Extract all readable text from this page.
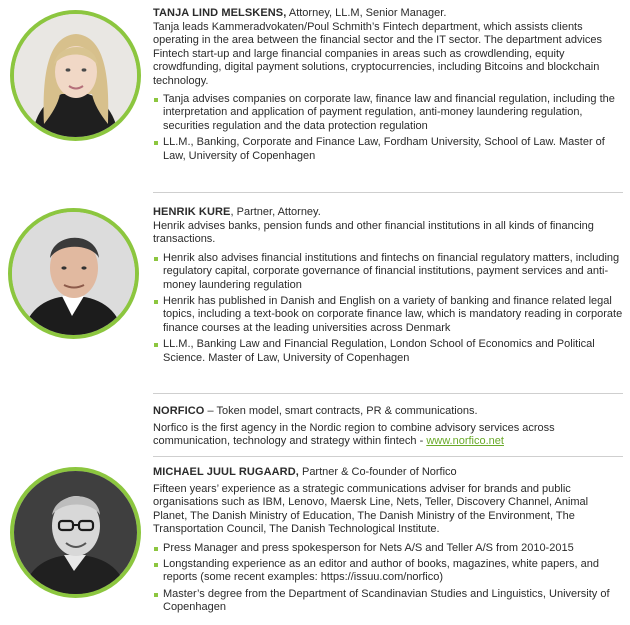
TANJA LIND MELSKENS, Attorney, LL.M, Senior Manager.

Tanja leads Kammeradvokaten/Poul Schmith’s Fintech department, which assists clients operating in the area between the financial sector and the IT sector. The department advices Fintech start-up and large financial companies in areas such as crowdlending, equity crowdfunding, digital payment solutions, cryptocurrencies, including Bitcoins and blockchain technology.

Tanja advises companies on corporate law, finance law and financial regulation, including the interpretation and application of payment regulation, anti-money laundering regulation, securities regulation and the data protection regulation
LL.M., Banking, Corporate and Finance Law, Fordham University, School of Law. Master of Law, University of Copenhagen
HENRIK KURE, Partner, Attorney.

Henrik advises banks, pension funds and other financial institutions in all kinds of financing transactions.

Henrik also advises financial institutions and fintechs on financial regulatory matters, including regulatory capital, corporate governance of financial institutions, payment services and anti-money laundering regulation
Henrik has published in Danish and English on a variety of banking and finance related legal topics, including a text-book on corporate finance law, which is mandatory reading in corporate finance courses at the leading universities across Denmark
LL.M., Banking Law and Financial Regulation, London School of Economics and Political Science. Master of Law, University of Copenhagen
NORFICO – Token model, smart contracts, PR & communications.

Norfico is the first agency in the Nordic region to combine advisory services across communication, technology and strategy within fintech - www.norfico.net

MICHAEL JUUL RUGAARD, Partner & Co-founder of Norfico

Fifteen years’ experience as a strategic communications adviser for brands and public organisations such as IBM, Lenovo, Maersk Line, Nets, Teller, Discovery Channel, Animal Planet, The Danish Ministry of Education, The Danish Ministry of the Environment, The Transportation Council, The Danish Technological Institute.

Press Manager and press spokesperson for Nets A/S and Teller A/S from 2010-2015
Longstanding experience as an editor and author of books, magazines, white papers, and reports (some recent examples: https://issuu.com/norfico)
Master’s degree from the Department of Scandinavian Studies and Linguistics, University of Copenhagen
